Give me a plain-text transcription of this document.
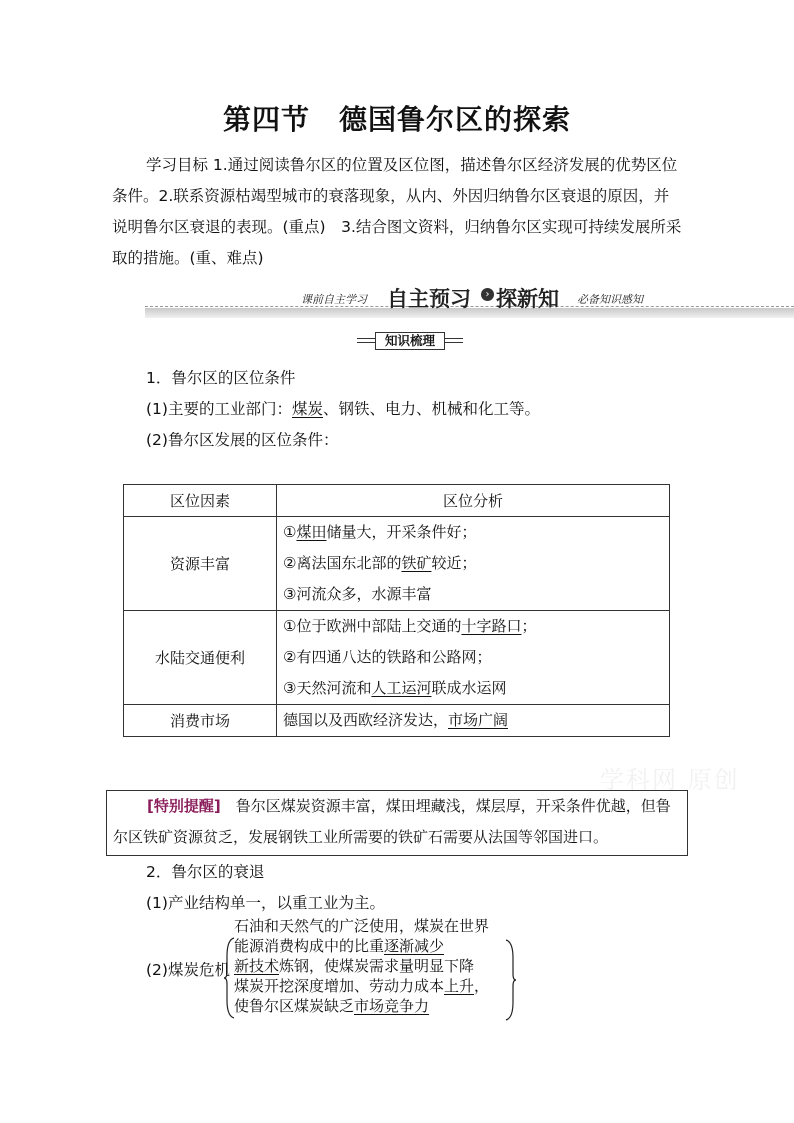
第四节　德国鲁尔区的探索
学习目标 1.通过阅读鲁尔区的位置及区位图，描述鲁尔区经济发展的优势区位条件。2.联系资源枯竭型城市的衰落现象，从内、外因归纳鲁尔区衰退的原因，并说明鲁尔区衰退的表现。(重点)　3.结合图文资料，归纳鲁尔区实现可持续发展所采取的措施。(重、难点)
课前自主学习 自主预习	› 探新知 必备知识感知
知识梳理
1．鲁尔区的区位条件
(1)主要的工业部门：煤炭、钢铁、电力、机械和化工等。
(2)鲁尔区发展的区位条件：
区位因素	区位分析
资源丰富	①煤田储量大，开采条件好；
②离法国东北部的铁矿较近；
③河流众多，水源丰富

水陆交通便利	①位于欧洲中部陆上交通的十字路口；
②有四通八达的铁路和公路网；
③天然河流和人工运河联成水运网

消费市场	德国以及西欧经济发达，市场广阔
学科网 原创
[特别提醒]　鲁尔区煤炭资源丰富，煤田埋藏浅，煤层厚，开采条件优越，但鲁尔区铁矿资源贫乏，发展钢铁工业所需要的铁矿石需要从法国等邻国进口。
2．鲁尔区的衰退
(1)产业结构单一，以重工业为主。
(2)煤炭危机
石油和天然气的广泛使用，煤炭在世界
能源消费构成中的比重逐渐减少
新技术炼钢，使煤炭需求量明显下降
煤炭开挖深度增加、劳动力成本上升，
使鲁尔区煤炭缺乏市场竞争力
